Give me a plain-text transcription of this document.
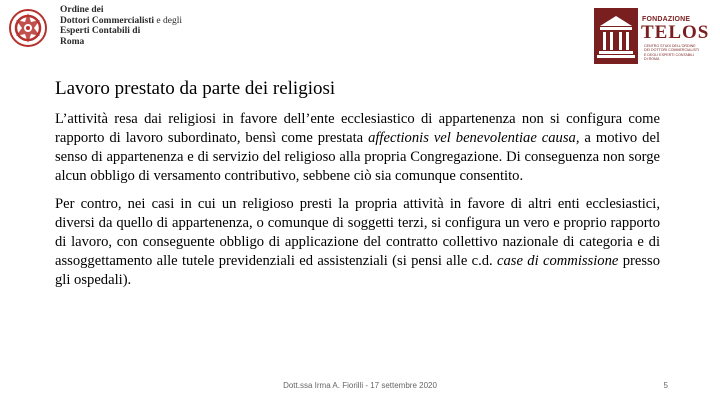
Ordine dei
Dottori Commercialisti e degli
Esperti Contabili di
Roma
FONDAZIONE
TELOS
CENTRO STUDI DELL'ORDINE
DEI DOTTORI COMMERCIALISTI
E DEGLI ESPERTI CONTABILI
DI ROMA
Lavoro prestato da parte dei religiosi

L’attività resa dai religiosi in favore dell’ente ecclesiastico di appartenenza non si configura come rapporto di lavoro subordinato, bensì come prestata affectionis vel benevolentiae causa, a motivo del senso di appartenenza e di servizio del religioso alla propria Congregazione. Di conseguenza non sorge alcun obbligo di versamento contributivo, sebbene ciò sia comunque consentito.

Per contro, nei casi in cui un religioso presti la propria attività in favore di altri enti ecclesiastici, diversi da quello di appartenenza, o comunque di soggetti terzi, si configura un vero e proprio rapporto di lavoro, con conseguente obbligo di applicazione del contratto collettivo nazionale di categoria e di assoggettamento alle tutele previdenziali ed assistenziali (si pensi alle c.d. case di commissione presso gli ospedali).

Dott.ssa Irma A. Fiorilli - 17 settembre 2020	5
